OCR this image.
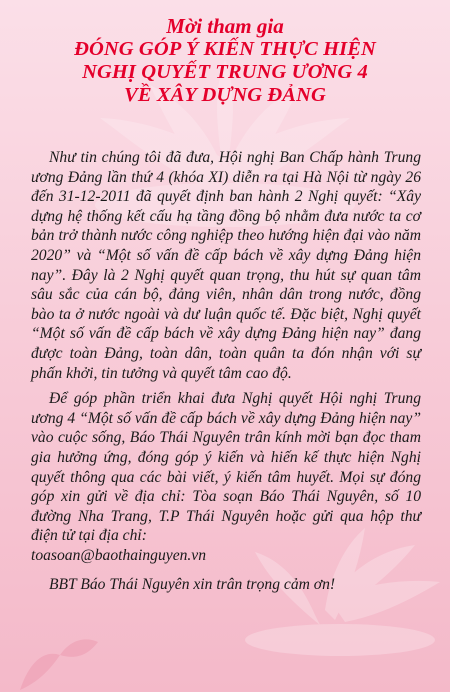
Mời tham gia
ĐÓNG GÓP Ý KIẾN THỰC HIỆN
NGHỊ QUYẾT TRUNG ƯƠNG 4
VỀ XÂY DỰNG ĐẢNG

Như tin chúng tôi đã đưa, Hội nghị Ban Chấp hành Trung ương Đảng lần thứ 4 (khóa XI) diễn ra tại Hà Nội từ ngày 26 đến 31-12-2011 đã quyết định ban hành 2 Nghị quyết: “Xây dựng hệ thống kết cấu hạ tầng đồng bộ nhằm đưa nước ta cơ bản trở thành nước công nghiệp theo hướng hiện đại vào năm 2020” và “Một số vấn đề cấp bách về xây dựng Đảng hiện nay”. Đây là 2 Nghị quyết quan trọng, thu hút sự quan tâm sâu sắc của cán bộ, đảng viên, nhân dân trong nước, đồng bào ta ở nước ngoài và dư luận quốc tế. Đặc biệt, Nghị quyết “Một số vấn đề cấp bách về xây dựng Đảng hiện nay” đang được toàn Đảng, toàn dân, toàn quân ta đón nhận với sự phấn khởi, tin tưởng và quyết tâm cao độ.

Để góp phần triển khai đưa Nghị quyết Hội nghị Trung ương 4 “Một số vấn đề cấp bách về xây dựng Đảng hiện nay” vào cuộc sống, Báo Thái Nguyên trân kính mời bạn đọc tham gia hưởng ứng, đóng góp ý kiến và hiến kế thực hiện Nghị quyết thông qua các bài viết, ý kiến tâm huyết. Mọi sự đóng góp xin gửi về địa chỉ: Tòa soạn Báo Thái Nguyên, số 10 đường Nha Trang, T.P Thái Nguyên hoặc gửi qua hộp thư điện tử tại địa chỉ:

toasoan@baothainguyen.vn

BBT Báo Thái Nguyên xin trân trọng cảm ơn!
